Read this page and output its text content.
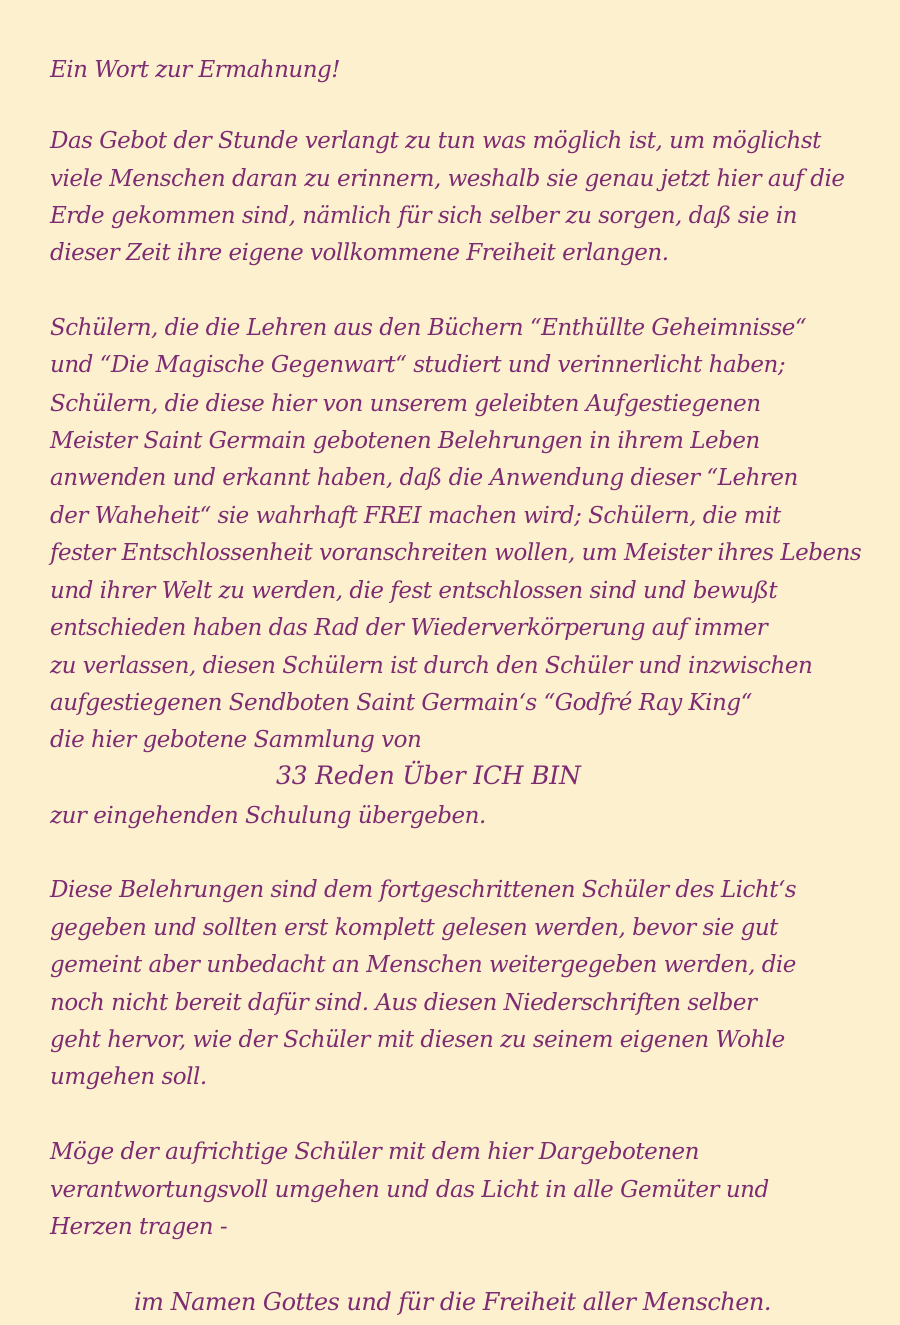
Ein Wort zur Ermahnung!

Das Gebot der Stunde verlangt zu tun was möglich ist, um möglichst

viele Menschen daran zu erinnern, weshalb sie genau jetzt hier auf die

Erde gekommen sind, nämlich für sich selber zu sorgen, daß sie in

dieser Zeit ihre eigene vollkommene Freiheit erlangen.

Schülern, die die Lehren aus den Büchern “Enthüllte Geheimnisse“

und “Die Magische Gegenwart“ studiert und verinnerlicht haben;

Schülern, die diese hier von unserem geleibten Aufgestiegenen

Meister Saint Germain gebotenen Belehrungen in ihrem Leben

anwenden und erkannt haben, daß die Anwendung dieser “Lehren

der Waheheit“ sie wahrhaft FREI machen wird; Schülern, die mit

fester Entschlossenheit voranschreiten wollen, um Meister ihres Lebens

und ihrer Welt zu werden, die fest entschlossen sind und bewußt

entschieden haben das Rad der Wiederverkörperung auf immer

zu verlassen, diesen Schülern ist durch den Schüler und inzwischen

aufgestiegenen Sendboten Saint Germain‘s “Godfré Ray King“

die hier gebotene Sammlung von

33 Reden Über ICH BIN

zur eingehenden Schulung übergeben.

Diese Belehrungen sind dem fortgeschrittenen Schüler des Licht‘s

gegeben und sollten erst komplett gelesen werden, bevor sie gut

gemeint aber unbedacht an Menschen weitergegeben werden, die

noch nicht bereit dafür sind. Aus diesen Niederschriften selber

geht hervor, wie der Schüler mit diesen zu seinem eigenen Wohle

umgehen soll.

Möge der aufrichtige Schüler mit dem hier Dargebotenen

verantwortungsvoll umgehen und das Licht in alle Gemüter und

Herzen tragen -

im Namen Gottes und für die Freiheit aller Menschen.
